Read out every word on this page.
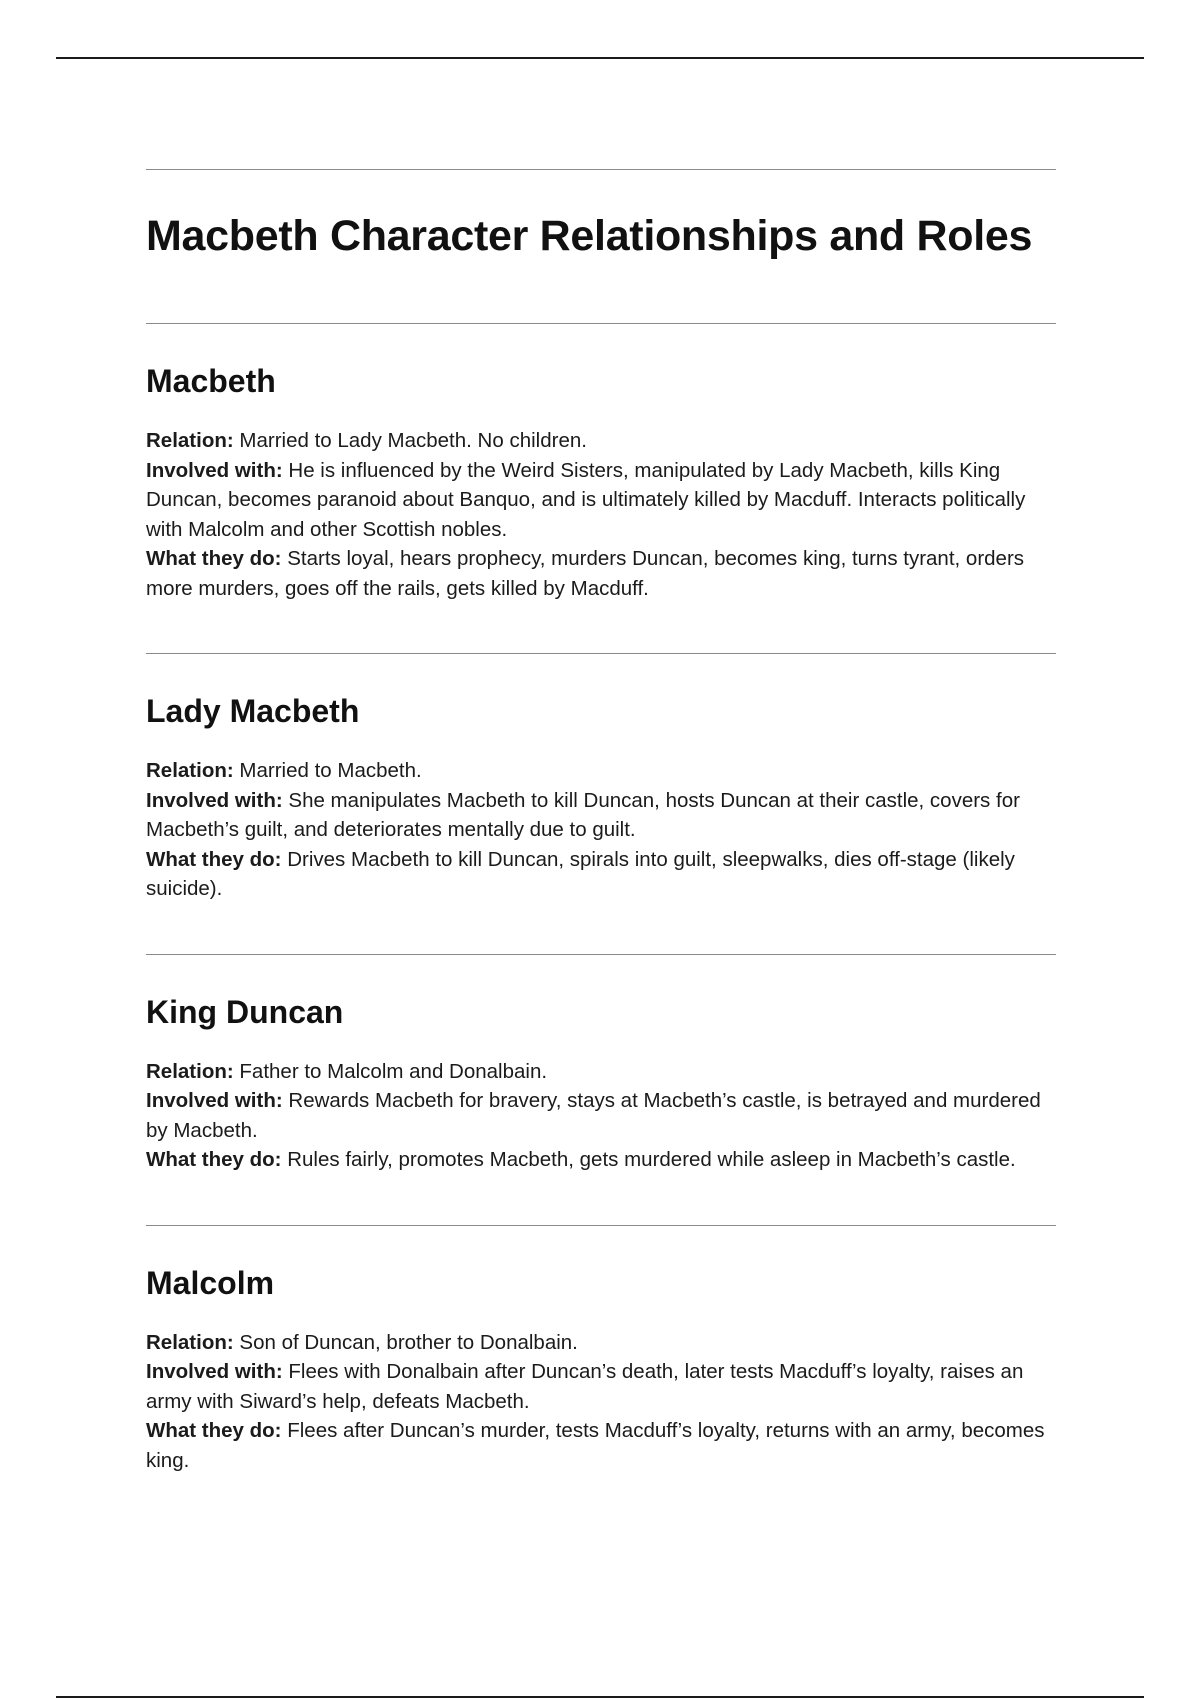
Macbeth Character Relationships and Roles
Macbeth

Relation: Married to Lady Macbeth. No children.

Involved with: He is influenced by the Weird Sisters, manipulated by Lady Macbeth, kills King Duncan, becomes paranoid about Banquo, and is ultimately killed by Macduff. Interacts politically with Malcolm and other Scottish nobles.

What they do: Starts loyal, hears prophecy, murders Duncan, becomes king, turns tyrant, orders more murders, goes off the rails, gets killed by Macduff.

Lady Macbeth

Relation: Married to Macbeth.

Involved with: She manipulates Macbeth to kill Duncan, hosts Duncan at their castle, covers for Macbeth’s guilt, and deteriorates mentally due to guilt.

What they do: Drives Macbeth to kill Duncan, spirals into guilt, sleepwalks, dies off-stage (likely suicide).

King Duncan

Relation: Father to Malcolm and Donalbain.

Involved with: Rewards Macbeth for bravery, stays at Macbeth’s castle, is betrayed and murdered by Macbeth.

What they do: Rules fairly, promotes Macbeth, gets murdered while asleep in Macbeth’s castle.

Malcolm

Relation: Son of Duncan, brother to Donalbain.

Involved with: Flees with Donalbain after Duncan’s death, later tests Macduff’s loyalty, raises an army with Siward’s help, defeats Macbeth.

What they do: Flees after Duncan’s murder, tests Macduff’s loyalty, returns with an army, becomes king.
